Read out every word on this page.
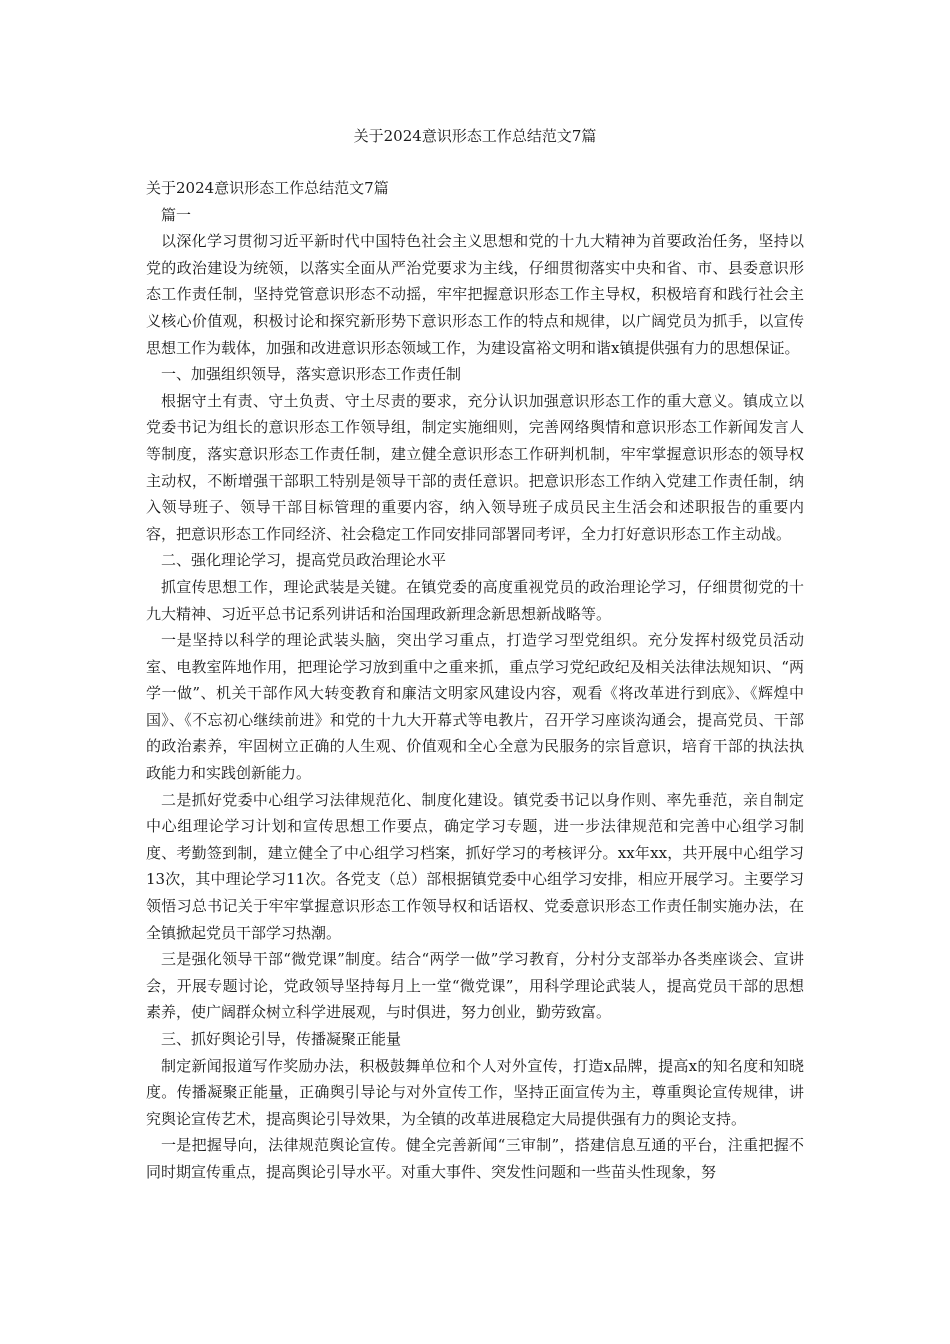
关于2024意识形态工作总结范文7篇

关于2024意识形态工作总结范文7篇

篇一

以深化学习贯彻习近平新时代中国特色社会主义思想和党的十九大精神为首要政治任务，坚持以党的政治建设为统领，以落实全面从严治党要求为主线，仔细贯彻落实中央和省、市、县委意识形态工作责任制，坚持党管意识形态不动摇，牢牢把握意识形态工作主导权，积极培育和践行社会主义核心价值观，积极讨论和探究新形势下意识形态工作的特点和规律，以广阔党员为抓手，以宣传思想工作为载体，加强和改进意识形态领域工作，为建设富裕文明和谐x镇提供强有力的思想保证。

一、加强组织领导，落实意识形态工作责任制

根据守土有责、守土负责、守土尽责的要求，充分认识加强意识形态工作的重大意义。镇成立以党委书记为组长的意识形态工作领导组，制定实施细则，完善网络舆情和意识形态工作新闻发言人等制度，落实意识形态工作责任制，建立健全意识形态工作研判机制，牢牢掌握意识形态的领导权主动权，不断增强干部职工特别是领导干部的责任意识。把意识形态工作纳入党建工作责任制，纳入领导班子、领导干部目标管理的重要内容，纳入领导班子成员民主生活会和述职报告的重要内容，把意识形态工作同经济、社会稳定工作同安排同部署同考评，全力打好意识形态工作主动战。

二、强化理论学习，提高党员政治理论水平

抓宣传思想工作，理论武装是关键。在镇党委的高度重视党员的政治理论学习，仔细贯彻党的十九大精神、习近平总书记系列讲话和治国理政新理念新思想新战略等。

一是坚持以科学的理论武装头脑，突出学习重点，打造学习型党组织。充分发挥村级党员活动室、电教室阵地作用，把理论学习放到重中之重来抓，重点学习党纪政纪及相关法律法规知识、“两学一做”、机关干部作风大转变教育和廉洁文明家风建设内容，观看《将改革进行到底》、《辉煌中国》、《不忘初心继续前进》和党的十九大开幕式等电教片，召开学习座谈沟通会，提高党员、干部的政治素养，牢固树立正确的人生观、价值观和全心全意为民服务的宗旨意识，培育干部的执法执政能力和实践创新能力。

二是抓好党委中心组学习法律规范化、制度化建设。镇党委书记以身作则、率先垂范，亲自制定中心组理论学习计划和宣传思想工作要点，确定学习专题，进一步法律规范和完善中心组学习制度、考勤签到制，建立健全了中心组学习档案，抓好学习的考核评分。xx年xx，共开展中心组学习13次，其中理论学习11次。各党支（总）部根据镇党委中心组学习安排，相应开展学习。主要学习领悟习总书记关于牢牢掌握意识形态工作领导权和话语权、党委意识形态工作责任制实施办法，在全镇掀起党员干部学习热潮。

三是强化领导干部“微党课”制度。结合“两学一做”学习教育，分村分支部举办各类座谈会、宣讲会，开展专题讨论，党政领导坚持每月上一堂“微党课”，用科学理论武装人，提高党员干部的思想素养，使广阔群众树立科学进展观，与时俱进，努力创业，勤劳致富。

三、抓好舆论引导，传播凝聚正能量

制定新闻报道写作奖励办法，积极鼓舞单位和个人对外宣传，打造x品牌，提高x的知名度和知晓度。传播凝聚正能量，正确舆引导论与对外宣传工作，坚持正面宣传为主，尊重舆论宣传规律，讲究舆论宣传艺术，提高舆论引导效果，为全镇的改革进展稳定大局提供强有力的舆论支持。

一是把握导向，法律规范舆论宣传。健全完善新闻“三审制”，搭建信息互通的平台，注重把握不同时期宣传重点，提高舆论引导水平。对重大事件、突发性问题和一些苗头性现象，努
